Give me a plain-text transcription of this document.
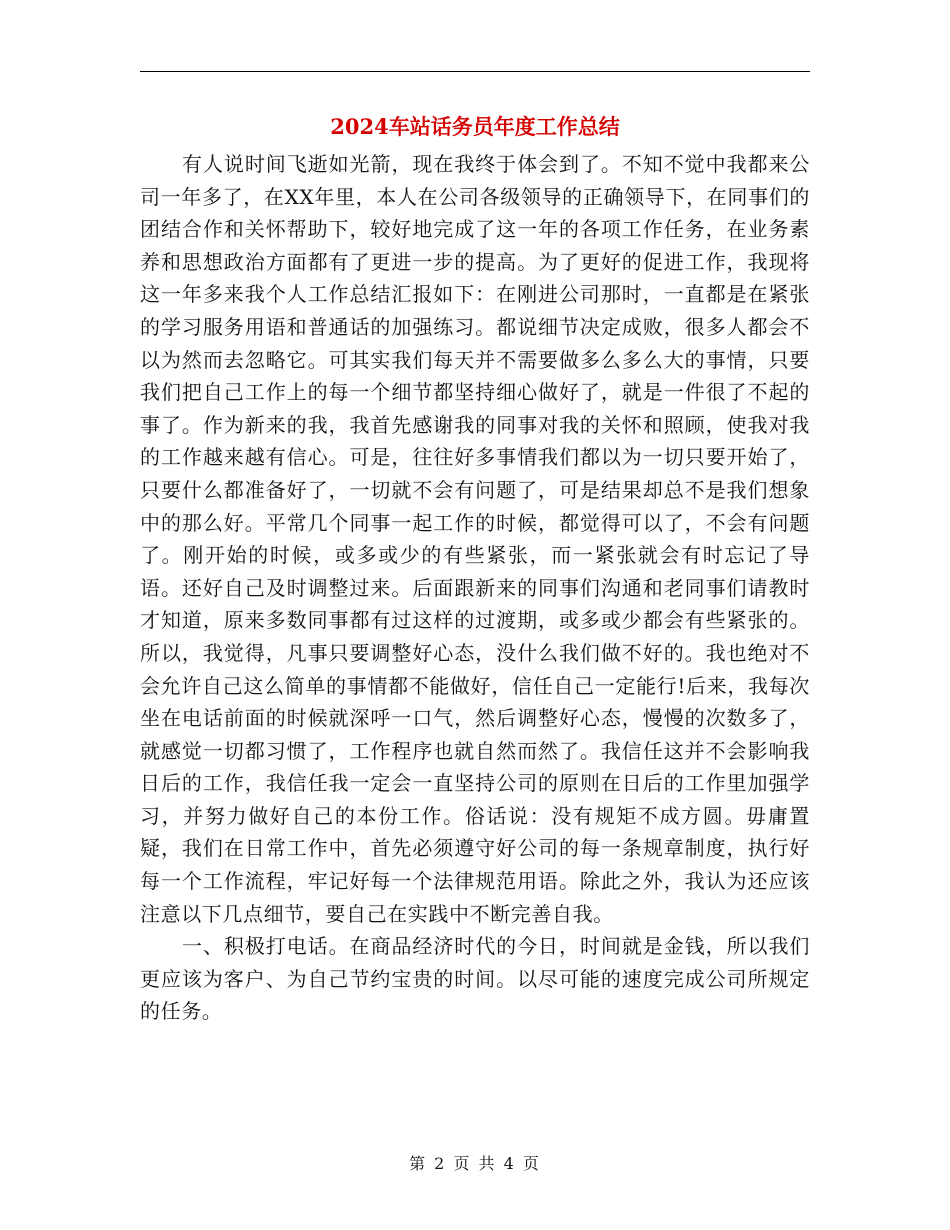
2024车站话务员年度工作总结

有人说时间飞逝如光箭，现在我终于体会到了。不知不觉中我都来公司一年多了，在XX年里，本人在公司各级领导的正确领导下，在同事们的团结合作和关怀帮助下，较好地完成了这一年的各项工作任务，在业务素养和思想政治方面都有了更进一步的提高。为了更好的促进工作，我现将这一年多来我个人工作总结汇报如下：在刚进公司那时，一直都是在紧张的学习服务用语和普通话的加强练习。都说细节决定成败，很多人都会不以为然而去忽略它。可其实我们每天并不需要做多么多么大的事情，只要我们把自己工作上的每一个细节都坚持细心做好了，就是一件很了不起的事了。作为新来的我，我首先感谢我的同事对我的关怀和照顾，使我对我的工作越来越有信心。可是，往往好多事情我们都以为一切只要开始了，只要什么都准备好了，一切就不会有问题了，可是结果却总不是我们想象中的那么好。平常几个同事一起工作的时候，都觉得可以了，不会有问题了。刚开始的时候，或多或少的有些紧张，而一紧张就会有时忘记了导语。还好自己及时调整过来。后面跟新来的同事们沟通和老同事们请教时才知道，原来多数同事都有过这样的过渡期，或多或少都会有些紧张的。所以，我觉得，凡事只要调整好心态，没什么我们做不好的。我也绝对不会允许自己这么简单的事情都不能做好，信任自己一定能行!后来，我每次坐在电话前面的时候就深呼一口气，然后调整好心态，慢慢的次数多了，就感觉一切都习惯了，工作程序也就自然而然了。我信任这并不会影响我日后的工作，我信任我一定会一直坚持公司的原则在日后的工作里加强学习，并努力做好自己的本份工作。俗话说：没有规矩不成方圆。毋庸置疑，我们在日常工作中，首先必须遵守好公司的每一条规章制度，执行好每一个工作流程，牢记好每一个法律规范用语。除此之外，我认为还应该注意以下几点细节，要自己在实践中不断完善自我。

一、积极打电话。在商品经济时代的今日，时间就是金钱，所以我们更应该为客户、为自己节约宝贵的时间。以尽可能的速度完成公司所规定的任务。

第 2 页 共 4 页
